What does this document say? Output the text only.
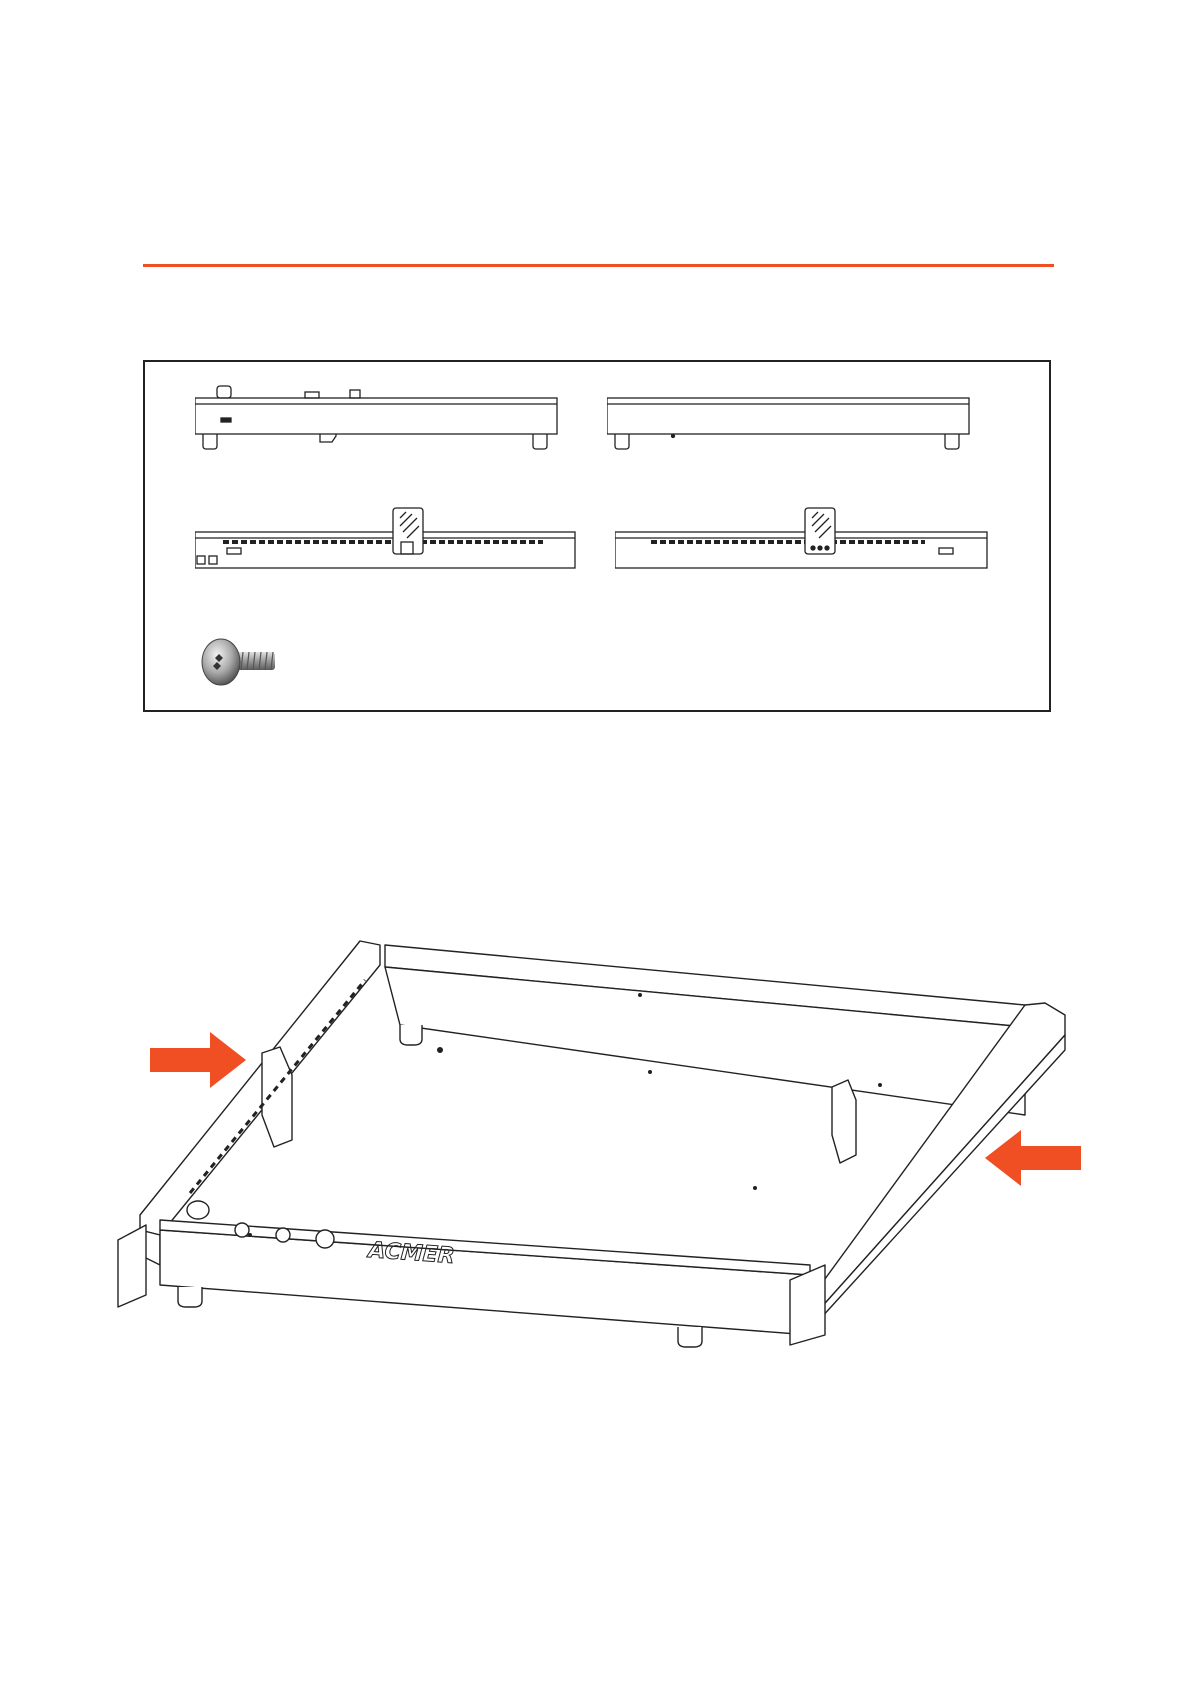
ACMER
